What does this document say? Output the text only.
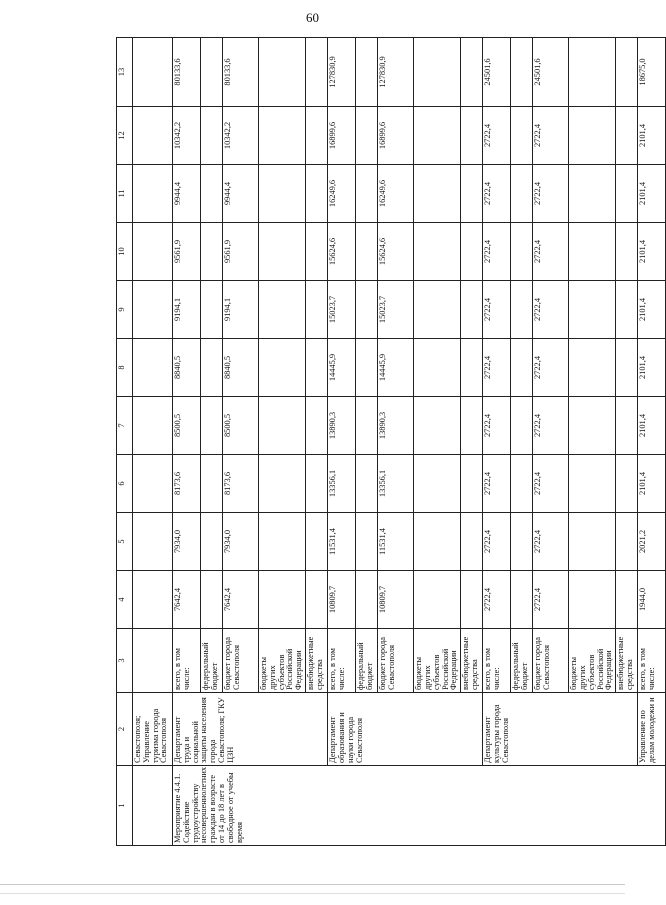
60
1	2	3	4	5	6	7	8	9	10	11	12	13
	Севастополя; Управление туризма города Севастополя											
Мероприятие 4.4.1. Содействие трудоустройству несовершеннолетних граждан в возрасте от 14 до 18 лет в свободное от учебы время	Департамент труда и социальной защиты населения города Севастополя; ГКУ ЦЗН	всего, в том числе:	7642,4	7934,0	8173,6	8500,5	8840,5	9194,1	9561,9	9944,4	10342,2	80133,6
		федеральный бюджет										
		бюджет города Севастополя	7642,4	7934,0	8173,6	8500,5	8840,5	9194,1	9561,9	9944,4	10342,2	80133,6
		бюджеты других субъектов Российской Федерации										
		внебюджетные средства										
	Департамент образования и науки города Севастополя	всего, в том числе:	10809,7	11531,4	13356,1	13890,3	14445,9	15023,7	15624,6	16249,6	16899,6	127830,9
		федеральный бюджет										
		бюджет города Севастополя	10809,7	11531,4	13356,1	13890,3	14445,9	15023,7	15624,6	16249,6	16899,6	127830,9
		бюджеты других субъектов Российской Федерации										
		внебюджетные средства										
	Департамент культуры города Севастополя	всего, в том числе:	2722,4	2722,4	2722,4	2722,4	2722,4	2722,4	2722,4	2722,4	2722,4	24501,6
		федеральный бюджет										
		бюджет города Севастополя	2722,4	2722,4	2722,4	2722,4	2722,4	2722,4	2722,4	2722,4	2722,4	24501,6
		бюджеты других субъектов Российской Федерации										
		внебюджетные средства										
	Управление по делам молодежи и	всего, в том числе:	1944,0	2021,2	2101,4	2101,4	2101,4	2101,4	2101,4	2101,4	2101,4	18675,0
